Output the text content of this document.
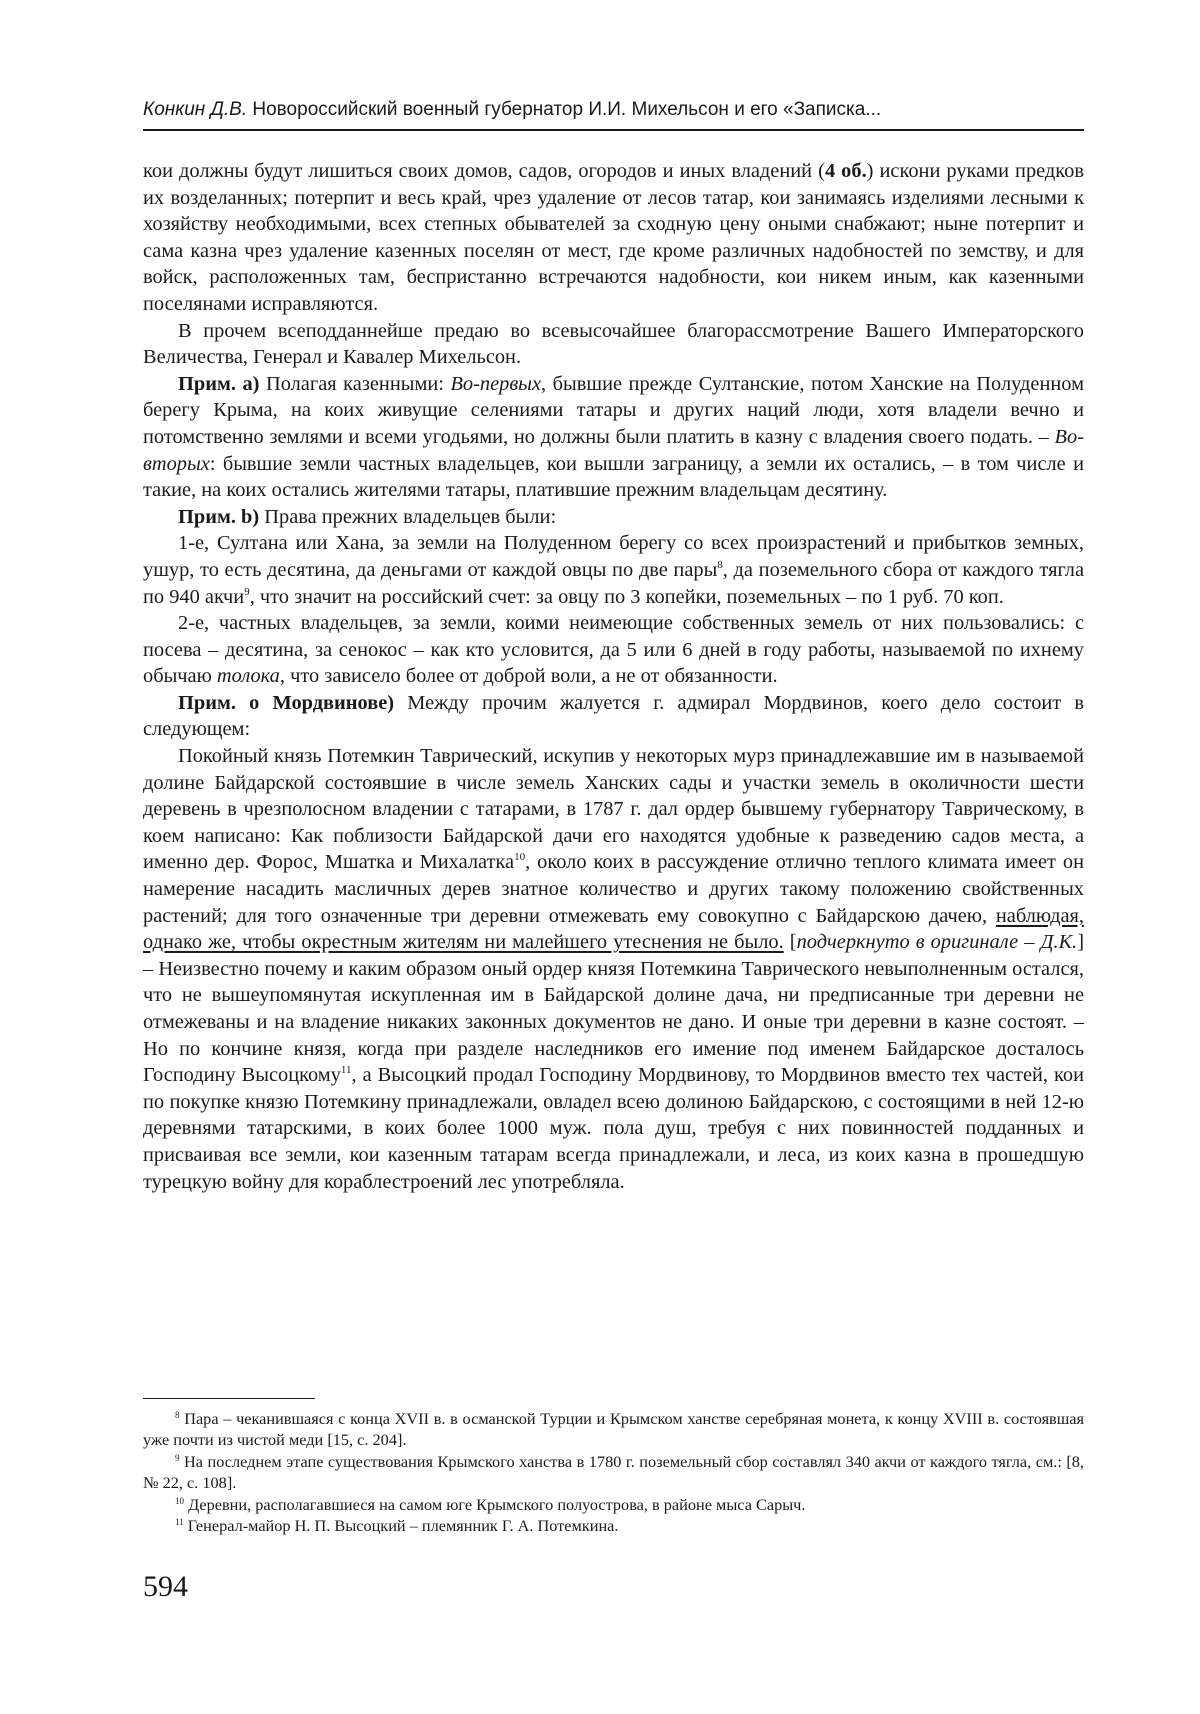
Конкин Д.В. Новороссийский военный губернатор И.И. Михельсон и его «Записка...

кои должны будут лишиться своих домов, садов, огородов и иных владений (4 об.) искони руками предков их возделанных; потерпит и весь край, чрез удаление от лесов татар, кои занимаясь изделиями лесными к хозяйству необходимыми, всех степных обывателей за сходную цену оными снабжают; ныне потерпит и сама казна чрез удаление казенных поселян от мест, где кроме различных надобностей по земству, и для войск, расположенных там, беспристанно встречаются надобности, кои никем иным, как казенными поселянами исправляются.

В прочем всеподданнейше предаю во всевысочайшее благорассмотрение Вашего Императорского Величества, Генерал и Кавалер Михельсон.

Прим. а) Полагая казенными: Во-первых, бывшие прежде Султанские, потом Ханские на Полуденном берегу Крыма, на коих живущие селениями татары и других наций люди, хотя владели вечно и потомственно землями и всеми угодьями, но должны были платить в казну с владения своего подать. – Во-вторых: бывшие земли частных владельцев, кои вышли заграницу, а земли их остались, – в том числе и такие, на коих остались жителями татары, платившие прежним владельцам десятину.

Прим. b) Права прежних владельцев были:

1-е, Султана или Хана, за земли на Полуденном берегу со всех произрастений и прибытков земных, ушур, то есть десятина, да деньгами от каждой овцы по две пары$^8$, да поземельного сбора от каждого тягла по 940 акчи$^9$, что значит на российский счет: за овцу по 3 копейки, поземельных – по 1 руб. 70 коп.

2-е, частных владельцев, за земли, коими неимеющие собственных земель от них пользовались: с посева – десятина, за сенокос – как кто условится, да 5 или 6 дней в году работы, называемой по ихнему обычаю толока, что зависело более от доброй воли, а не от обязанности.

Прим. о Мордвинове) Между прочим жалуется г. адмирал Мордвинов, коего дело состоит в следующем:

Покойный князь Потемкин Таврический, искупив у некоторых мурз принадлежавшие им в называемой долине Байдарской состоявшие в числе земель Ханских сады и участки земель в околичности шести деревень в чрезполосном владении с татарами, в 1787 г. дал ордер бывшему губернатору Таврическому, в коем написано: Как поблизости Байдарской дачи его находятся удобные к разведению садов места, а именно дер. Форос, Мшатка и Михалатка$^{10}$, около коих в рассуждение отлично теплого климата имеет он намерение насадить масличных дерев знатное количество и других такому положению свойственных растений; для того означенные три деревни отмежевать ему совокупно с Байдарскою дачею, наблюдая, однако же, чтобы окрестным жителям ни малейшего утеснения не было. [подчеркнуто в оригинале – Д.К.] – Неизвестно почему и каким образом оный ордер князя Потемкина Таврического невыполненным остался, что не вышеупомянутая искупленная им в Байдарской долине дача, ни предписанные три деревни не отмежеваны и на владение никаких законных документов не дано. И оные три деревни в казне состоят. – Но по кончине князя, когда при разделе наследников его имение под именем Байдарское досталось Господину Высоцкому$^{11}$, а Высоцкий продал Господину Мордвинову, то Мордвинов вместо тех частей, кои по покупке князю Потемкину принадлежали, овладел всею долиною Байдарскою, с состоящими в ней 12-ю деревнями татарскими, в коих более 1000 муж. пола душ, требуя с них повинностей подданных и присваивая все земли, кои казенным татарам всегда принадлежали, и леса, из коих казна в прошедшую турецкую войну для кораблестроений лес употребляла.

$^8$ Пара – чеканившаяся с конца XVII в. в османской Турции и Крымском ханстве серебряная монета, к концу XVIII в. состоявшая уже почти из чистой меди [15, с. 204].

$^9$ На последнем этапе существования Крымского ханства в 1780 г. поземельный сбор составлял 340 акчи от каждого тягла, см.: [8, № 22, с. 108].

$^{10}$ Деревни, располагавшиеся на самом юге Крымского полуострова, в районе мыса Сарыч.

$^{11}$ Генерал-майор Н. П. Высоцкий – племянник Г. А. Потемкина.

594
